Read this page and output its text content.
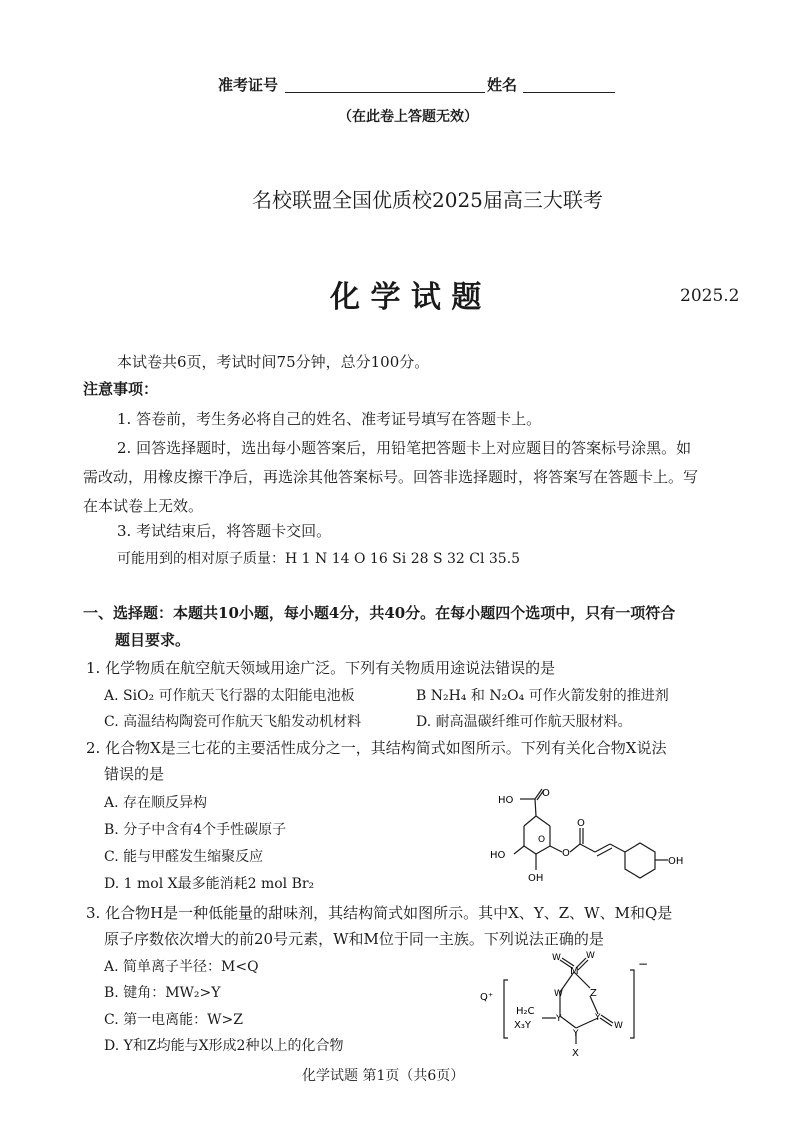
准考证号	姓名
（在此卷上答题无效）
名校联盟全国优质校2025届高三大联考
化 学 试 题	2025.2
本试卷共6页，考试时间75分钟，总分100分。
注意事项：
1. 答卷前，考生务必将自己的姓名、准考证号填写在答题卡上。
2. 回答选择题时，选出每小题答案后，用铅笔把答题卡上对应题目的答案标号涂黑。如
需改动，用橡皮擦干净后，再选涂其他答案标号。回答非选择题时，将答案写在答题卡上。写
在本试卷上无效。
3. 考试结束后，将答题卡交回。
可能用到的相对原子质量：H 1 N 14 O 16 Si 28 S 32 Cl 35.5
一、选择题：本题共10小题，每小题4分，共40分。在每小题四个选项中，只有一项符合
题目要求。
1. 化学物质在航空航天领域用途广泛。下列有关物质用途说法错误的是
A. SiO₂ 可作航天飞行器的太阳能电池板	B N₂H₄ 和 N₂O₄ 可作火箭发射的推进剂
C. 高温结构陶瓷可作航天飞船发动机材料	D. 耐高温碳纤维可作航天服材料。
2. 化合物X是三七花的主要活性成分之一，其结构简式如图所示。下列有关化合物X说法
错误的是
A. 存在顺反异构
B. 分子中含有4个手性碳原子
C. 能与甲醛发生缩聚反应
D. 1 mol X最多能消耗2 mol Br₂
HO
O
HO
O
O
O
OH
OH
3. 化合物H是一种低能量的甜味剂，其结构简式如图所示。其中X、Y、Z、W、M和Q是
原子序数依次增大的前20号元素，W和M位于同一主族。下列说法正确的是
A. 简单离子半径：M<Q
B. 键角：MW₂>Y
C. 第一电离能：W>Z
D. Y和Z均能与X形成2种以上的化合物
Q⁺
M
W	W
W	Z
Y	Y
Y
H₂C
X₃Y
X
W
−
化学试题 第1页（共6页）
